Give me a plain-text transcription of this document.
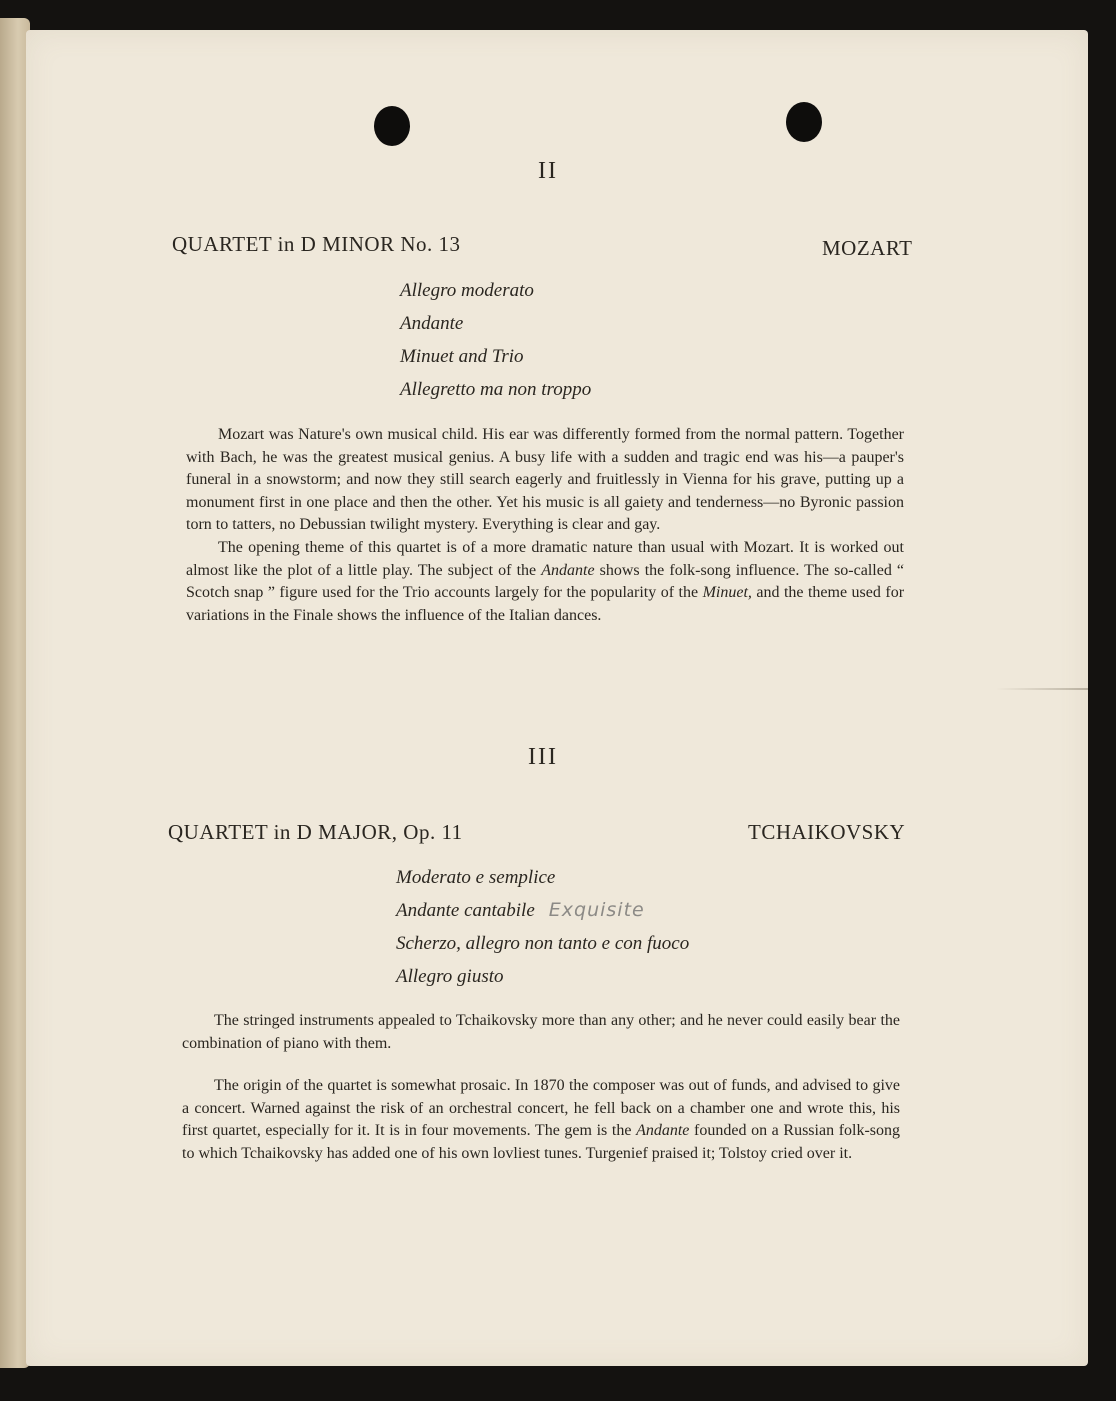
II
QUARTET in D MINOR No. 13	MOZART
Allegro moderato
Andante
Minuet and Trio
Allegretto ma non troppo

Mozart was Nature's own musical child. His ear was differently formed from the normal pattern. Together with Bach, he was the greatest musical genius. A busy life with a sudden and tragic end was his—a pauper's funeral in a snowstorm; and now they still search eagerly and fruitlessly in Vienna for his grave, putting up a monument first in one place and then the other. Yet his music is all gaiety and tenderness—no Byronic passion torn to tatters, no Debussian twilight mystery. Everything is clear and gay.

The opening theme of this quartet is of a more dramatic nature than usual with Mozart. It is worked out almost like the plot of a little play. The subject of the Andante shows the folk-song influence. The so-called “ Scotch snap ” figure used for the Trio accounts largely for the popularity of the Minuet, and the theme used for variations in the Finale shows the influence of the Italian dances.

III
QUARTET in D MAJOR, Op. 11	TCHAIKOVSKY
Moderato e semplice
Andante cantabile Exquisite
Scherzo, allegro non tanto e con fuoco
Allegro giusto

The stringed instruments appealed to Tchaikovsky more than any other; and he never could easily bear the combination of piano with them.

The origin of the quartet is somewhat prosaic. In 1870 the composer was out of funds, and advised to give a concert. Warned against the risk of an orchestral concert, he fell back on a chamber one and wrote this, his first quartet, especially for it. It is in four movements. The gem is the Andante founded on a Russian folk-song to which Tchaikovsky has added one of his own lovliest tunes. Turgenief praised it; Tolstoy cried over it.
